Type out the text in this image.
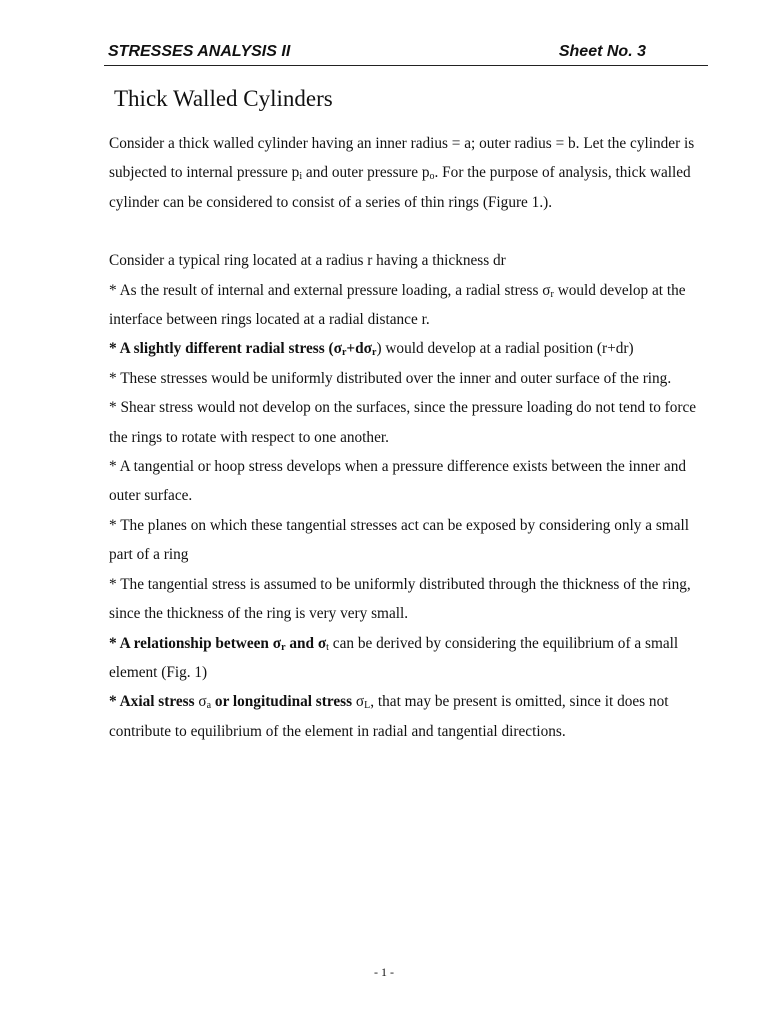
STRESSES ANALYSIS II	Sheet No. 3
Thick Walled Cylinders

Consider a thick walled cylinder having an inner radius = a; outer radius = b. Let the cylinder is subjected to internal pressure $p_i$ and outer pressure $p_o$. For the purpose of analysis, thick walled cylinder can be considered to consist of a series of thin rings (Figure 1.).

Consider a typical ring located at a radius r having a thickness dr

* As the result of internal and external pressure loading, a radial stress $\sigma_r$ would develop at the interface between rings located at a radial distance r.

* A slightly different radial stress $(\sigma_r+d\sigma_r)$ would develop at a radial position (r+dr)

* These stresses would be uniformly distributed over the inner and outer surface of the ring.

* Shear stress would not develop on the surfaces, since the pressure loading do not tend to force the rings to rotate with respect to one another.

* A tangential or hoop stress develops when a pressure difference exists between the inner and outer surface.

* The planes on which these tangential stresses act can be exposed by considering only a small part of a ring

* The tangential stress is assumed to be uniformly distributed through the thickness of the ring, since the thickness of the ring is very very small.

* A relationship between $\sigma_r$ and $\sigma_t$ can be derived by considering the equilibrium of a small element (Fig. 1)

* Axial stress $\sigma_a$ or longitudinal stress $\sigma_L$, that may be present is omitted, since it does not contribute to equilibrium of the element in radial and tangential directions.

- 1 -
